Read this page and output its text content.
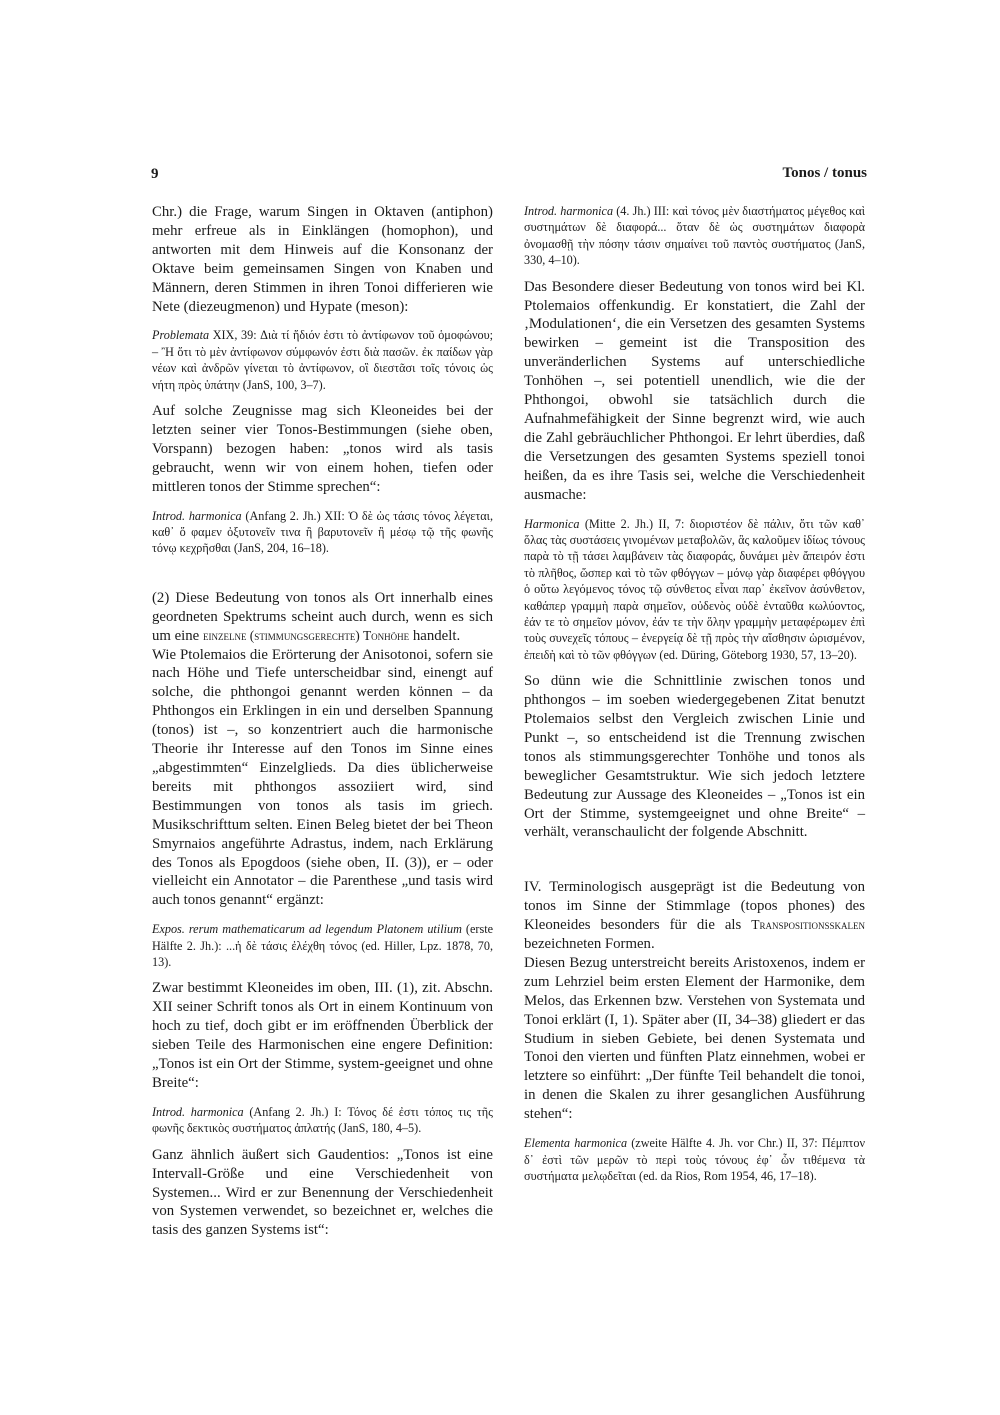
9	Tonos / tonus

Chr.) die Frage, warum Singen in Oktaven (antiphon) mehr erfreue als in Einklängen (homophon), und antworten mit dem Hinweis auf die Konsonanz der Oktave beim gemeinsamen Singen von Knaben und Männern, deren Stimmen in ihren Tonoi differieren wie Nete (diezeugmenon) und Hypate (meson):

Problemata XIX, 39: Διὰ τί ἥδιόν ἐστι τὸ ἀντίφωνον τοῦ ὁμοφώνου; – Ἢ ὅτι τὸ μὲν ἀντίφωνον σύμφωνόν ἐστι διὰ πασῶν. ἐκ παίδων γὰρ νέων καὶ ἀνδρῶν γίνεται τὸ ἀντίφωνον, οἳ διεστᾶσι τοῖς τόνοις ὡς νήτη πρὸς ὑπάτην (JanS, 100, 3–7).

Auf solche Zeugnisse mag sich Kleoneides bei der letzten seiner vier Tonos-Bestimmungen (siehe oben, Vorspann) bezogen haben: „tonos wird als tasis gebraucht, wenn wir von einem hohen, tiefen oder mittleren tonos der Stimme sprechen“:

Introd. harmonica (Anfang 2. Jh.) XII: Ὁ δὲ ὡς τάσις τόνος λέγεται, καθ᾽ ὅ φαμεν ὀξυτονεῖν τινα ἢ βαρυτονεῖν ἢ μέσῳ τῷ τῆς φωνῆς τόνῳ κεχρῆσθαι (JanS, 204, 16–18).

(2) Diese Bedeutung von tonos als Ort innerhalb eines geordneten Spektrums scheint auch durch, wenn es sich um eine einzelne (stimmungsgerechte) Tonhöhe handelt.

Wie Ptolemaios die Erörterung der Anisotonoi, sofern sie nach Höhe und Tiefe unterscheidbar sind, einengt auf solche, die phthongoi genannt werden können – da Phthongos ein Erklingen in ein und derselben Spannung (tonos) ist –, so konzentriert auch die harmonische Theorie ihr Interesse auf den Tonos im Sinne eines „abgestimmten“ Einzelglieds. Da dies üblicherweise bereits mit phthongos assoziiert wird, sind Bestimmungen von tonos als tasis im griech. Musikschrifttum selten. Einen Beleg bietet der bei Theon Smyrnaios angeführte Adrastus, indem, nach Erklärung des Tonos als Epogdoos (siehe oben, II. (3)), er – oder vielleicht ein Annotator – die Parenthese „und tasis wird auch tonos genannt“ ergänzt:

Expos. rerum mathematicarum ad legendum Platonem utilium (erste Hälfte 2. Jh.): ...ἡ δὲ τάσις ἐλέχθη τόνος (ed. Hiller, Lpz. 1878, 70, 13).

Zwar bestimmt Kleoneides im oben, III. (1), zit. Abschn. XII seiner Schrift tonos als Ort in einem Kontinuum von hoch zu tief, doch gibt er im eröffnenden Überblick der sieben Teile des Harmonischen eine engere Definition: „Tonos ist ein Ort der Stimme, system-geeignet und ohne Breite“:

Introd. harmonica (Anfang 2. Jh.) I: Τόνος δέ ἐστι τόπος τις τῆς φωνῆς δεκτικὸς συστήματος ἀπλατής (JanS, 180, 4–5).

Ganz ähnlich äußert sich Gaudentios: „Tonos ist eine Intervall-Größe und eine Verschiedenheit von Systemen... Wird er zur Benennung der Verschiedenheit von Systemen verwendet, so bezeichnet er, welches die tasis des ganzen Systems ist“:

Introd. harmonica (4. Jh.) III: καὶ τόνος μὲν διαστήματος μέγεθος καὶ συστημάτων δὲ διαφορά... ὅταν δὲ ὡς συστημάτων διαφορὰ ὀνομασθῇ τὴν πόσην τάσιν σημαίνει τοῦ παντὸς συστήματος (JanS, 330, 4–10).

Das Besondere dieser Bedeutung von tonos wird bei Kl. Ptolemaios offenkundig. Er konstatiert, die Zahl der ‚Modulationen‘, die ein Versetzen des gesamten Systems bewirken – gemeint ist die Transposition des unveränderlichen Systems auf unterschiedliche Tonhöhen –, sei potentiell unendlich, wie die der Phthongoi, obwohl sie tatsächlich durch die Aufnahmefähigkeit der Sinne begrenzt wird, wie auch die Zahl gebräuchlicher Phthongoi. Er lehrt überdies, daß die Versetzungen des gesamten Systems speziell tonoi heißen, da es ihre Tasis sei, welche die Verschiedenheit ausmache:

Harmonica (Mitte 2. Jh.) II, 7: διοριστέον δὲ πάλιν, ὅτι τῶν καθ᾽ ὅλας τὰς συστάσεις γινομένων μεταβολῶν, ἃς καλοῦμεν ἰδίως τόνους παρὰ τὸ τῇ τάσει λαμβάνειν τὰς διαφοράς, δυνάμει μὲν ἄπειρόν ἐστι τὸ πλῆθος, ὥσπερ καὶ τὸ τῶν φθόγγων – μόνῳ γὰρ διαφέρει φθόγγου ὁ οὕτω λεγόμενος τόνος τῷ σύνθετος εἶναι παρ᾽ ἐκεῖνον ἀσύνθετον, καθάπερ γραμμὴ παρὰ σημεῖον, οὐδενὸς οὐδὲ ἐνταῦθα κωλύοντος, ἐάν τε τὸ σημεῖον μόνον, ἐάν τε τὴν ὅλην γραμμὴν μεταφέρωμεν ἐπὶ τοὺς συνεχεῖς τόπους – ἐνεργείᾳ δὲ τῇ πρὸς τὴν αἴσθησιν ὡρισμένον, ἐπειδὴ καὶ τὸ τῶν φθόγγων (ed. Düring, Göteborg 1930, 57, 13–20).

So dünn wie die Schnittlinie zwischen tonos und phthongos – im soeben wiedergegebenen Zitat benutzt Ptolemaios selbst den Vergleich zwischen Linie und Punkt –, so entscheidend ist die Trennung zwischen tonos als stimmungsgerechter Tonhöhe und tonos als beweglicher Gesamtstruktur. Wie sich jedoch letztere Bedeutung zur Aussage des Kleoneides – „Tonos ist ein Ort der Stimme, systemgeeignet und ohne Breite“ – verhält, veranschaulicht der folgende Abschnitt.

IV. Terminologisch ausgeprägt ist die Bedeutung von tonos im Sinne der Stimmlage (topos phones) des Kleoneides besonders für die als Transpositionsskalen bezeichneten Formen.

Diesen Bezug unterstreicht bereits Aristoxenos, indem er zum Lehrziel beim ersten Element der Harmonike, dem Melos, das Erkennen bzw. Verstehen von Systemata und Tonoi erklärt (I, 1). Später aber (II, 34–38) gliedert er das Studium in sieben Gebiete, bei denen Systemata und Tonoi den vierten und fünften Platz einnehmen, wobei er letztere so einführt: „Der fünfte Teil behandelt die tonoi, in denen die Skalen zu ihrer gesanglichen Ausführung stehen“:

Elementa harmonica (zweite Hälfte 4. Jh. vor Chr.) II, 37: Πέμπτον δ᾽ ἐστὶ τῶν μερῶν τὸ περὶ τοὺς τόνους ἐφ᾽ ὧν τιθέμενα τὰ συστήματα μελῳδεῖται (ed. da Rios, Rom 1954, 46, 17–18).
